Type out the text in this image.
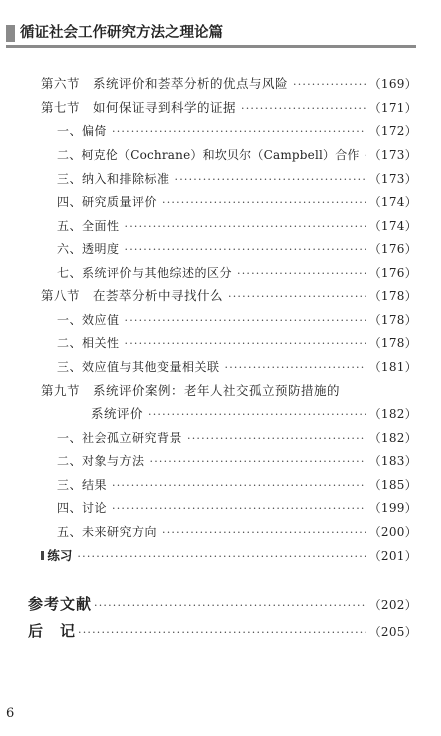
循证社会工作研究方法之理论篇
第六节　系统评价和荟萃分析的优点与风险 ·····	（169）
第七节　如何保证寻到科学的证据 ·····	（171）
一、偏倚 ·····	（172）
二、柯克伦（Cochrane）和坎贝尔（Campbell）合作 ····· （173）
三、纳入和排除标准 ·····	（173）
四、研究质量评价 ·····	（174）
五、全面性 ·····	（174）
六、透明度 ·····	（176）
七、系统评价与其他综述的区分 ·····	（176）
第八节　在荟萃分析中寻找什么 ·····	（178）
一、效应值 ·····	（178）
二、相关性 ·····	（178）
三、效应值与其他变量相关联 ·····	（181）
第九节　系统评价案例：老年人社交孤立预防措施的
系统评价 ·····	（182）
一、社会孤立研究背景 ·····	（182）
二、对象与方法 ·····	（183）
三、结果 ·····	（185）
四、讨论 ·····	（199）
五、未来研究方向 ·····	（200）
练习 ·····	（201）
参考文献 ·····	（202）
后　记 ·····	（205）
6
